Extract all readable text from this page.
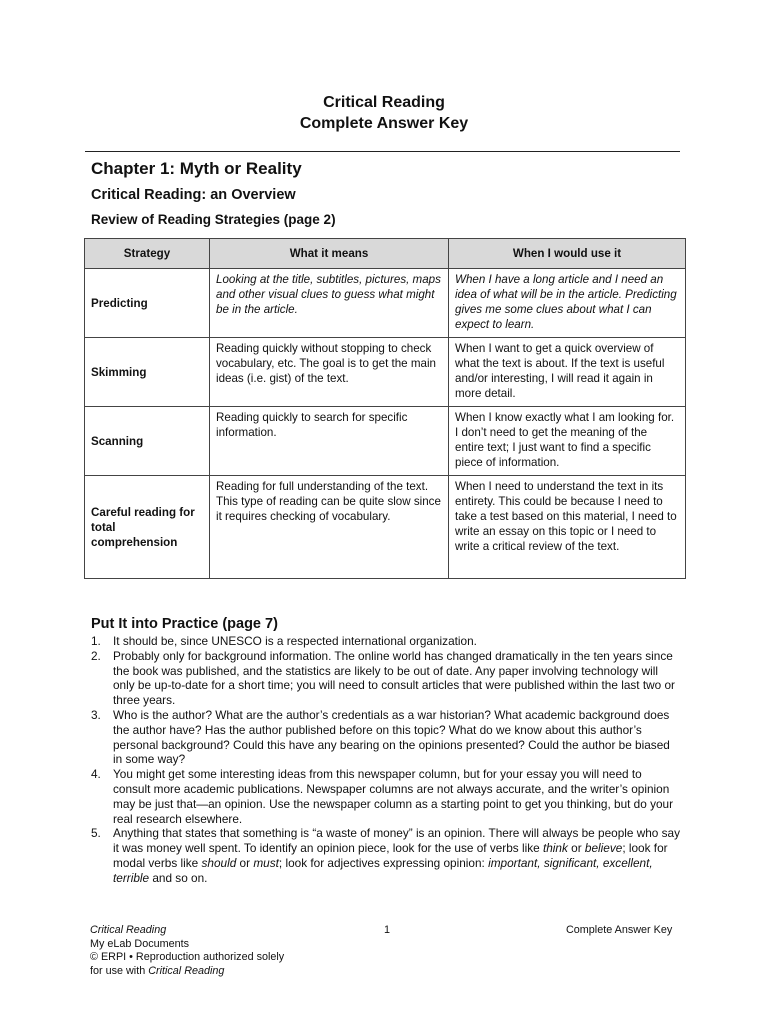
Critical Reading
Complete Answer Key
Chapter 1: Myth or Reality
Critical Reading: an Overview
Review of Reading Strategies (page 2)
Strategy	What it means	When I would use it
Predicting	Looking at the title, subtitles, pictures, maps and other visual clues to guess what might be in the article.	When I have a long article and I need an idea of what will be in the article. Predicting gives me some clues about what I can expect to learn.
Skimming	Reading quickly without stopping to check vocabulary, etc. The goal is to get the main ideas (i.e. gist) of the text.	When I want to get a quick overview of what the text is about. If the text is useful and/or interesting, I will read it again in more detail.
Scanning	Reading quickly to search for specific information.	When I know exactly what I am looking for. I don’t need to get the meaning of the entire text; I just want to find a specific piece of information.
Careful reading for total comprehension	Reading for full understanding of the text. This type of reading can be quite slow since it requires checking of vocabulary.	When I need to understand the text in its entirety. This could be because I need to take a test based on this material, I need to write an essay on this topic or I need to write a critical review of the text.
Put It into Practice (page 7)
1. It should be, since UNESCO is a respected international organization.
2. Probably only for background information. The online world has changed dramatically in the ten years since the book was published, and the statistics are likely to be out of date. Any paper involving technology will only be up-to-date for a short time; you will need to consult articles that were published within the last two or three years.
3. Who is the author? What are the author’s credentials as a war historian? What academic background does the author have? Has the author published before on this topic? What do we know about this author’s personal background? Could this have any bearing on the opinions presented? Could the author be biased in some way?
4. You might get some interesting ideas from this newspaper column, but for your essay you will need to consult more academic publications. Newspaper columns are not always accurate, and the writer’s opinion may be just that—an opinion. Use the newspaper column as a starting point to get you thinking, but do your real research elsewhere.
5. Anything that states that something is “a waste of money” is an opinion. There will always be people who say it was money well spent. To identify an opinion piece, look for the use of verbs like think or believe; look for modal verbs like should or must; look for adjectives expressing opinion: important, significant, excellent, terrible and so on.
Critical Reading
My eLab Documents
© ERPI • Reproduction authorized solely
for use with Critical Reading
1	Complete Answer Key
